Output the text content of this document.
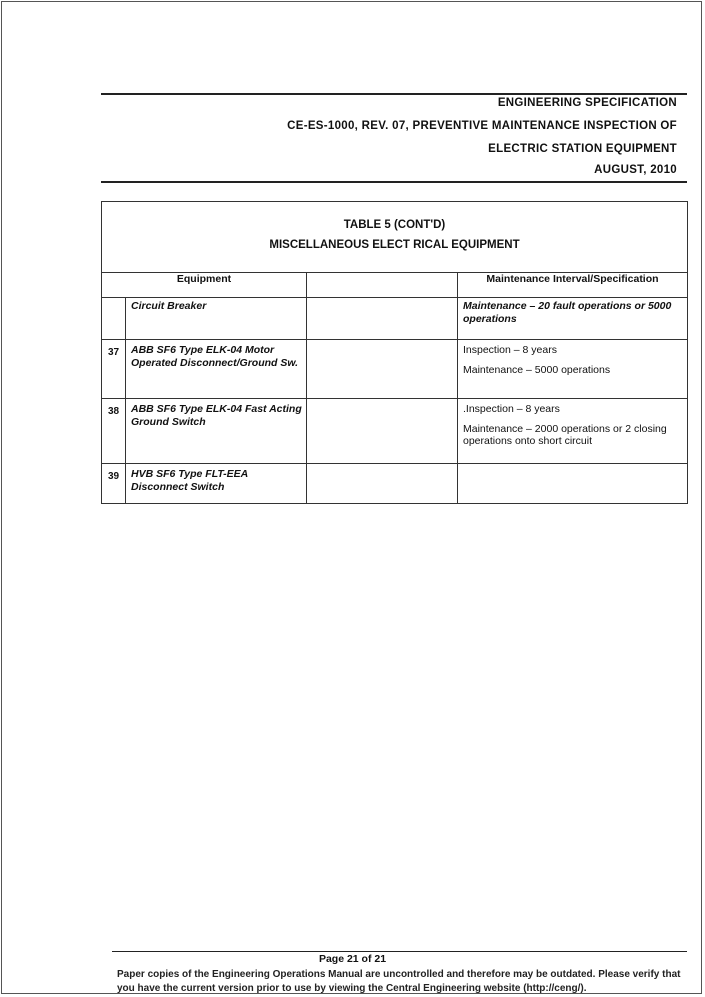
ENGINEERING SPECIFICATION
CE-ES-1000, REV. 07, PREVENTIVE MAINTENANCE INSPECTION OF
ELECTRIC STATION EQUIPMENT
AUGUST, 2010
TABLE 5 (CONT'D)
MISCELLANEOUS ELECT RICAL EQUIPMENT			

Equipment			Maintenance Interval/Specification
	Circuit Breaker		Maintenance – 20 fault operations or 5000 operations
37	ABB SF6 Type ELK-04 Motor Operated Disconnect/Ground Sw.		Inspection – 8 years
Maintenance – 5000 operations

38	ABB SF6 Type ELK-04 Fast Acting Ground Switch		.Inspection – 8 years
Maintenance – 2000 operations or 2 closing operations onto short circuit

39	HVB SF6 Type FLT-EEA Disconnect Switch		
Page 21 of 21
Paper copies of the Engineering Operations Manual are uncontrolled and therefore may be outdated. Please verify that you have the current version prior to use by viewing the Central Engineering website (http://ceng/).
